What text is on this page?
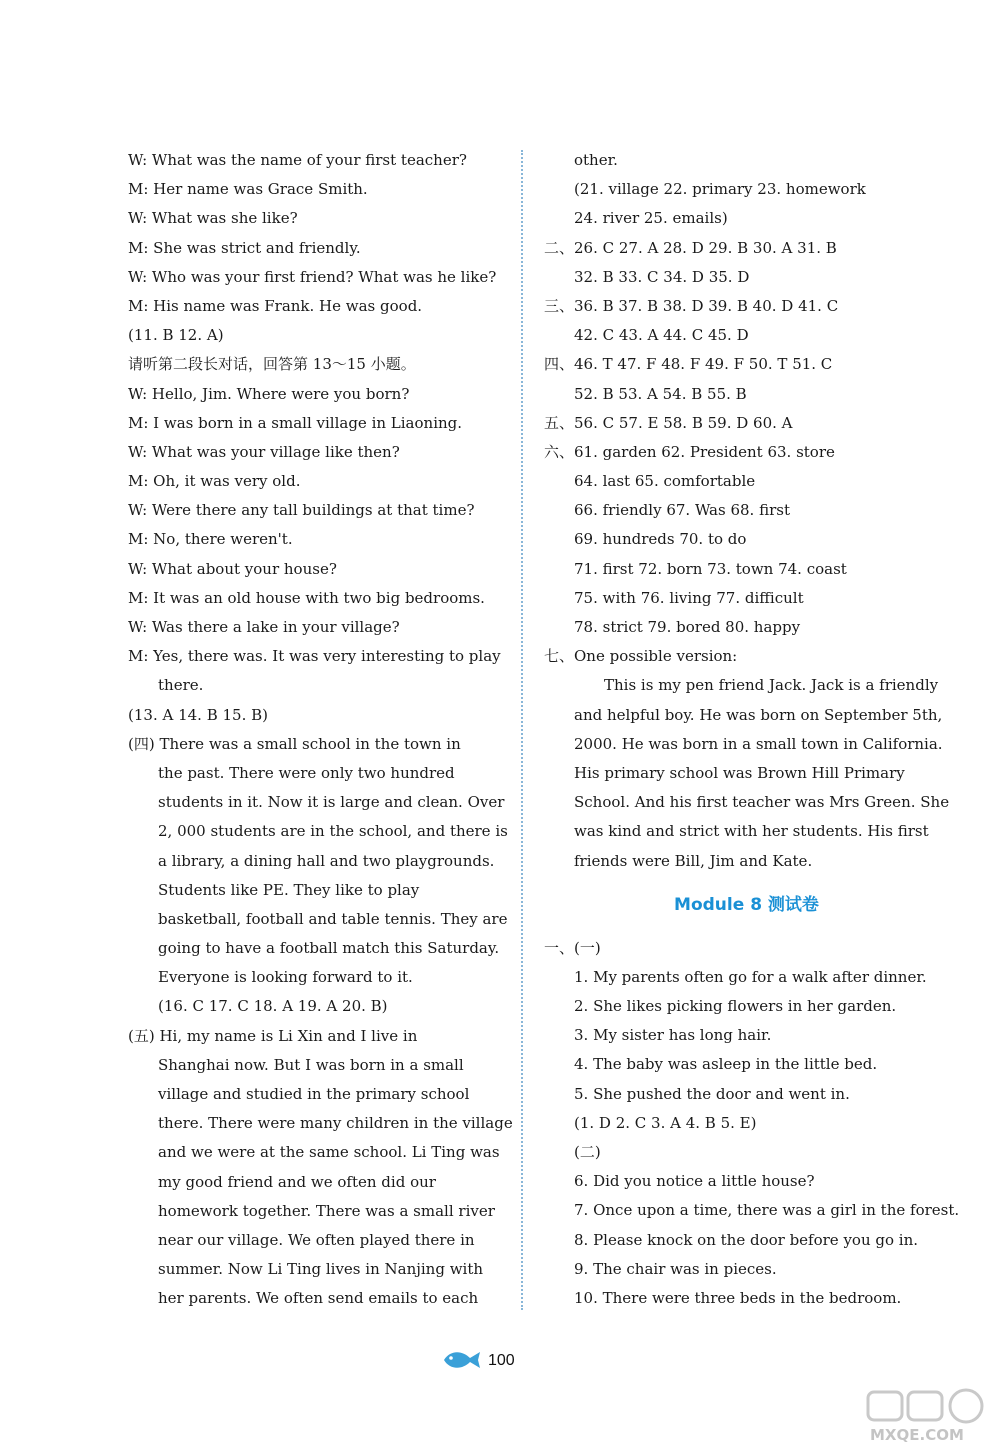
W: What was the name of your first teacher?
M: Her name was Grace Smith.
W: What was she like?
M: She was strict and friendly.
W: Who was your first friend? What was he like?
M: His name was Frank. He was good.
(11. B 12. A)
请听第二段长对话，回答第 13～15 小题。
W: Hello, Jim. Where were you born?
M: I was born in a small village in Liaoning.
W: What was your village like then?
M: Oh, it was very old.
W: Were there any tall buildings at that time?
M: No, there weren't.
W: What about your house?
M: It was an old house with two big bedrooms.
W: Was there a lake in your village?
M: Yes, there was. It was very interesting to play
there.
(13. A 14. B 15. B)
(四) There was a small school in the town in
the past. There were only two hundred
students in it. Now it is large and clean. Over
2, 000 students are in the school, and there is
a library, a dining hall and two playgrounds.
Students like PE. They like to play
basketball, football and table tennis. They are
going to have a football match this Saturday.
Everyone is looking forward to it.
(16. C 17. C 18. A 19. A 20. B)
(五) Hi, my name is Li Xin and I live in
Shanghai now. But I was born in a small
village and studied in the primary school
there. There were many children in the village
and we were at the same school. Li Ting was
my good friend and we often did our
homework together. There was a small river
near our village. We often played there in
summer. Now Li Ting lives in Nanjing with
her parents. We often send emails to each
other.
(21. village 22. primary 23. homework
24. river 25. emails)
二、26. C 27. A 28. D 29. B 30. A 31. B
32. B 33. C 34. D 35. D
三、36. B 37. B 38. D 39. B 40. D 41. C
42. C 43. A 44. C 45. D
四、46. T 47. F 48. F 49. F 50. T 51. C
52. B 53. A 54. B 55. B
五、56. C 57. E 58. B 59. D 60. A
六、61. garden 62. President 63. store
64. last 65. comfortable
66. friendly 67. Was 68. first
69. hundreds 70. to do
71. first 72. born 73. town 74. coast
75. with 76. living 77. difficult
78. strict 79. bored 80. happy
七、One possible version:
This is my pen friend Jack. Jack is a friendly
and helpful boy. He was born on September 5th,
2000. He was born in a small town in California.
His primary school was Brown Hill Primary
School. And his first teacher was Mrs Green. She
was kind and strict with her students. His first
friends were Bill, Jim and Kate.
Module 8 测试卷
一、(一)
1. My parents often go for a walk after dinner.
2. She likes picking flowers in her garden.
3. My sister has long hair.
4. The baby was asleep in the little bed.
5. She pushed the door and went in.
(1. D 2. C 3. A 4. B 5. E)
(二)
6. Did you notice a little house?
7. Once upon a time, there was a girl in the forest.
8. Please knock on the door before you go in.
9. The chair was in pieces.
10. There were three beds in the bedroom.
100
MXQE.COM
